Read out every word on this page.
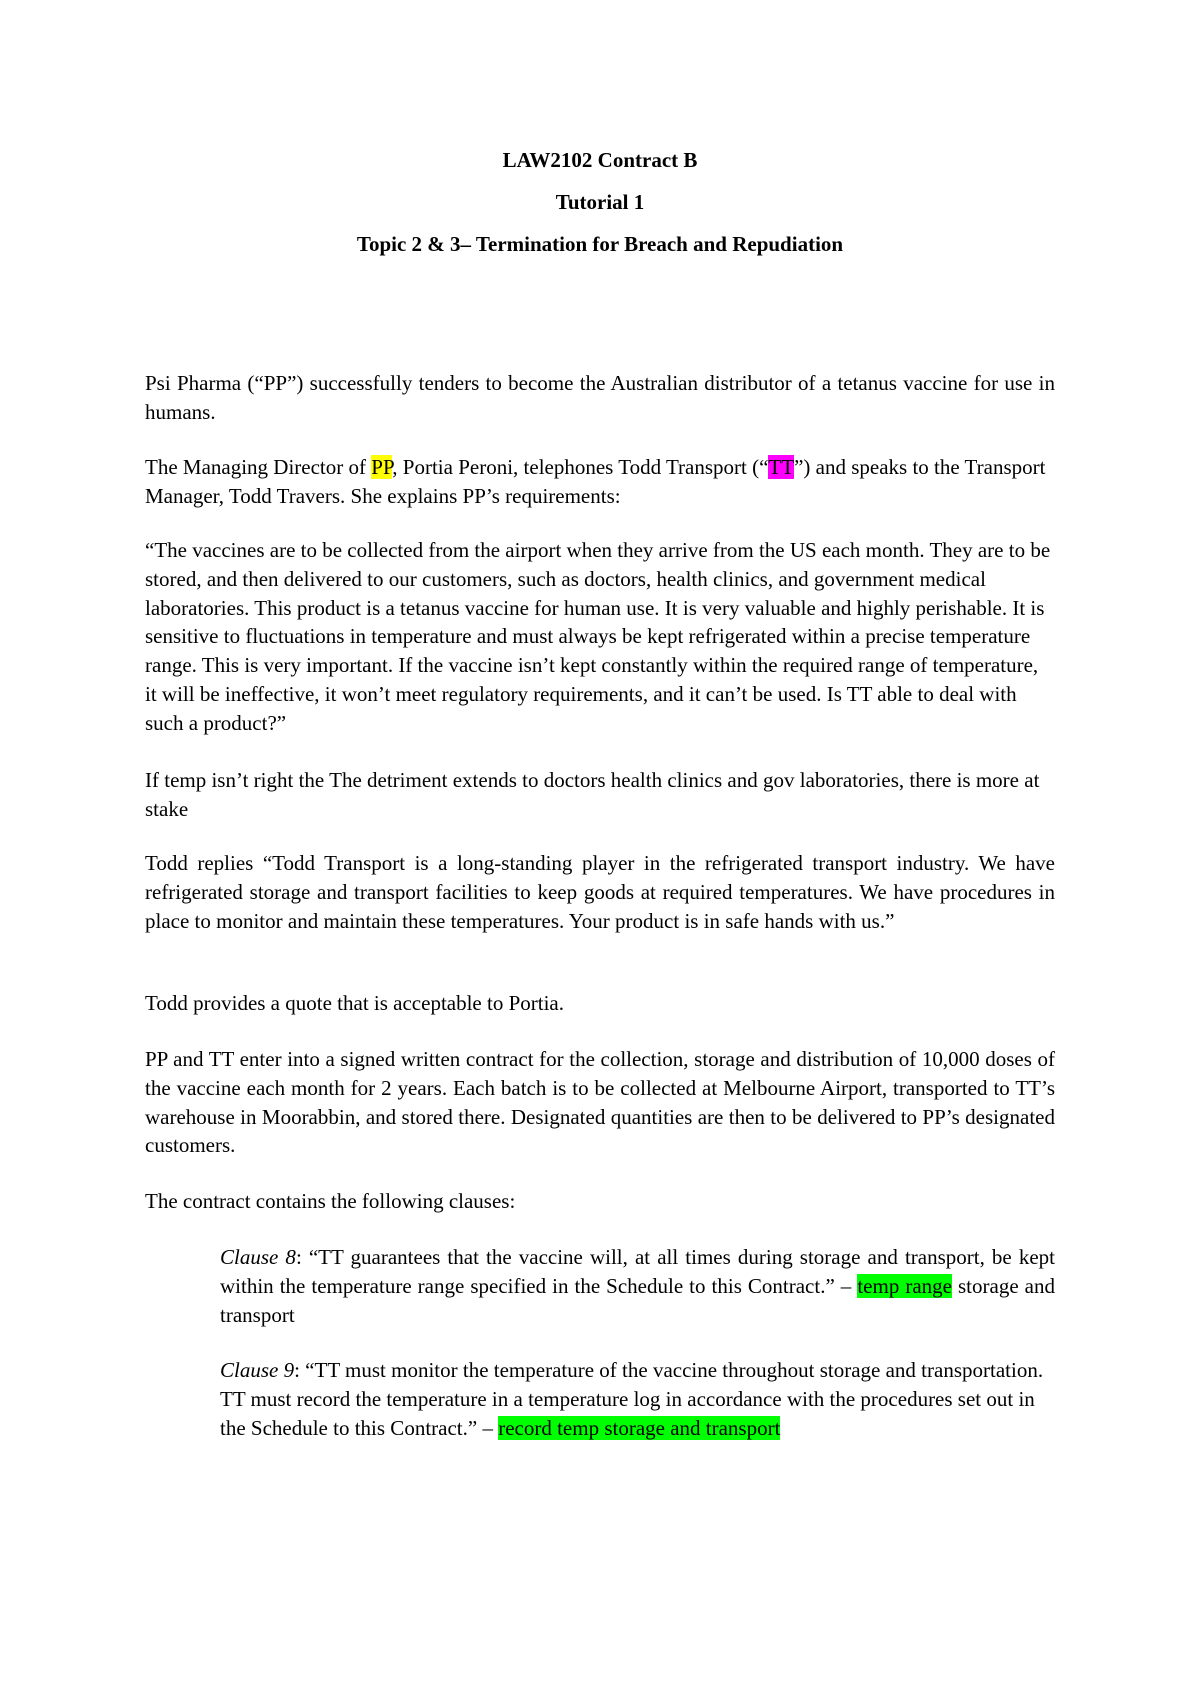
LAW2102 Contract B
Tutorial 1
Topic 2 & 3– Termination for Breach and Repudiation

Psi Pharma (“PP”) successfully tenders to become the Australian distributor of a tetanus vaccine for use in humans.

The Managing Director of PP, Portia Peroni, telephones Todd Transport (“TT”) and speaks to the Transport Manager, Todd Travers. She explains PP’s requirements:

“The vaccines are to be collected from the airport when they arrive from the US each month. They are to be stored, and then delivered to our customers, such as doctors, health clinics, and government medical laboratories. This product is a tetanus vaccine for human use. It is very valuable and highly perishable. It is sensitive to fluctuations in temperature and must always be kept refrigerated within a precise temperature range. This is very important. If the vaccine isn’t kept constantly within the required range of temperature, it will be ineffective, it won’t meet regulatory requirements, and it can’t be used. Is TT able to deal with such a product?”

If temp isn’t right the The detriment extends to doctors health clinics and gov laboratories, there is more at stake

Todd replies “Todd Transport is a long-standing player in the refrigerated transport industry. We have refrigerated storage and transport facilities to keep goods at required temperatures. We have procedures in place to monitor and maintain these temperatures. Your product is in safe hands with us.”

Todd provides a quote that is acceptable to Portia.

PP and TT enter into a signed written contract for the collection, storage and distribution of 10,000 doses of the vaccine each month for 2 years. Each batch is to be collected at Melbourne Airport, transported to TT’s warehouse in Moorabbin, and stored there. Designated quantities are then to be delivered to PP’s designated customers.

The contract contains the following clauses:

Clause 8: “TT guarantees that the vaccine will, at all times during storage and transport, be kept within the temperature range specified in the Schedule to this Contract.” – temp range storage and transport

Clause 9: “TT must monitor the temperature of the vaccine throughout storage and transportation. TT must record the temperature in a temperature log in accordance with the procedures set out in the Schedule to this Contract.” – record temp storage and transport
